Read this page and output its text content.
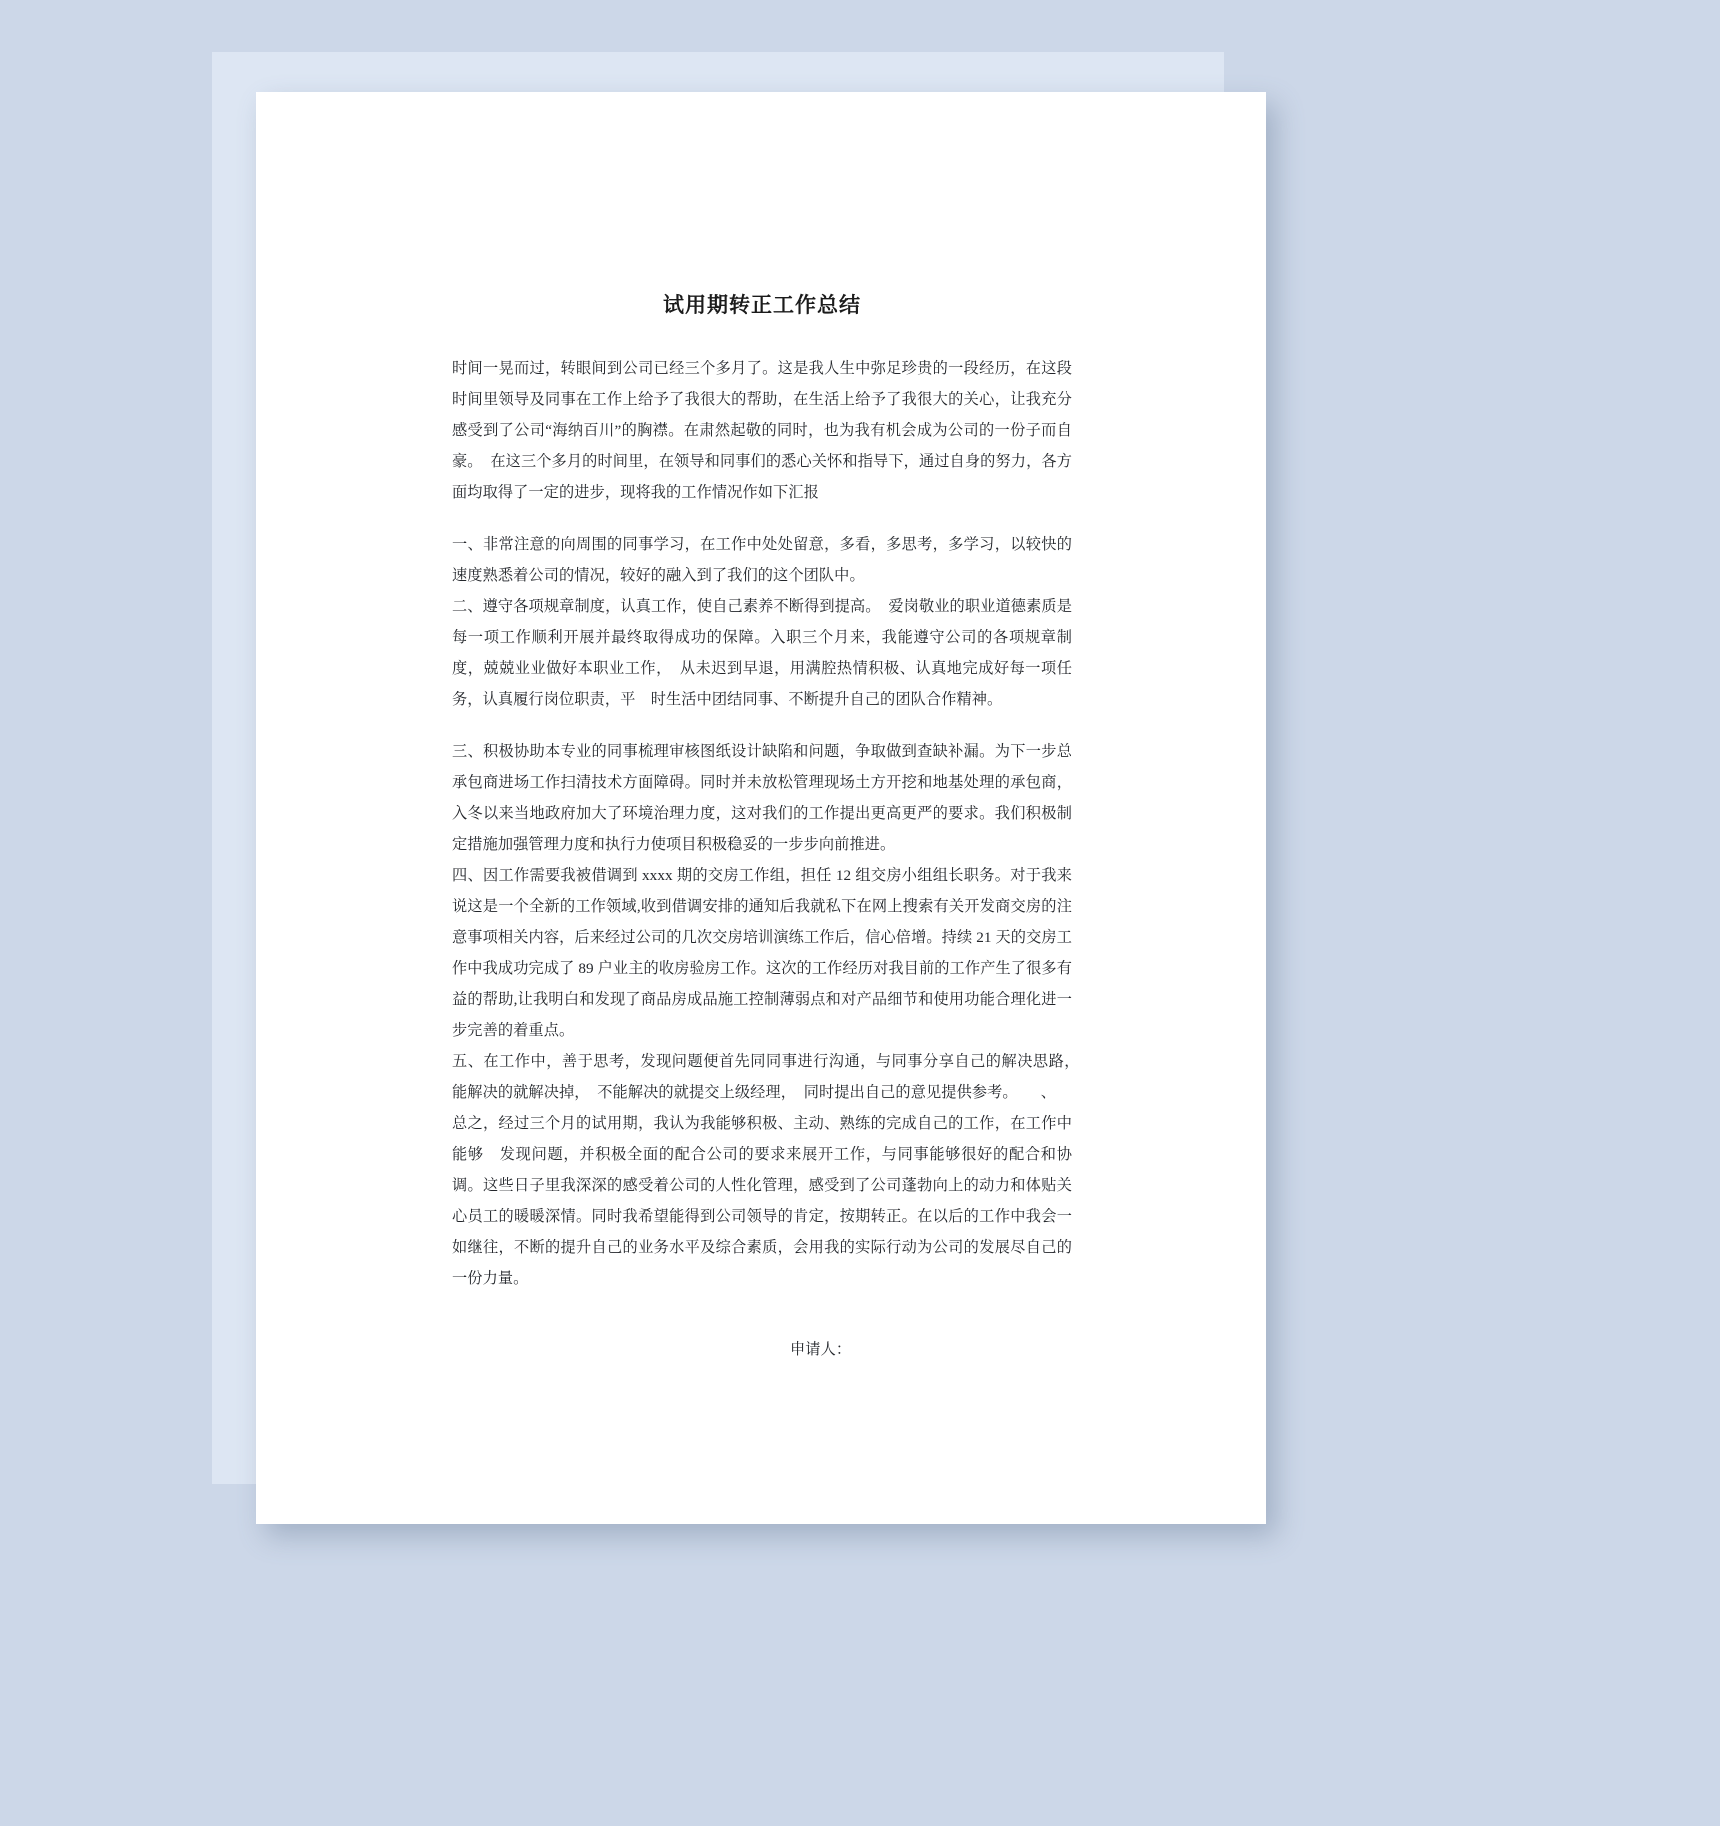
试用期转正工作总结

时间一晃而过，转眼间到公司已经三个多月了。这是我人生中弥足珍贵的一段经历，在这段时间里领导及同事在工作上给予了我很大的帮助，在生活上给予了我很大的关心，让我充分感受到了公司“海纳百川”的胸襟。在肃然起敬的同时，也为我有机会成为公司的一份子而自豪。　在这三个多月的时间里，在领导和同事们的悉心关怀和指导下，通过自身的努力，各方面均取得了一定的进步，现将我的工作情况作如下汇报

一、非常注意的向周围的同事学习，在工作中处处留意，多看，多思考，多学习，以较快的速度熟悉着公司的情况，较好的融入到了我们的这个团队中。

二、遵守各项规章制度，认真工作，使自己素养不断得到提高。　爱岗敬业的职业道德素质是每一项工作顺利开展并最终取得成功的保障。入职三个月来，我能遵守公司的各项规章制度，兢兢业业做好本职业工作，　从未迟到早退，用满腔热情积极、认真地完成好每一项任务，认真履行岗位职责，平　时生活中团结同事、不断提升自己的团队合作精神。

三、积极协助本专业的同事梳理审核图纸设计缺陷和问题，争取做到查缺补漏。为下一步总承包商进场工作扫清技术方面障碍。同时并未放松管理现场土方开挖和地基处理的承包商，入冬以来当地政府加大了环境治理力度，这对我们的工作提出更高更严的要求。我们积极制定措施加强管理力度和执行力使项目积极稳妥的一步步向前推进。

四、因工作需要我被借调到 xxxx 期的交房工作组，担任 12 组交房小组组长职务。对于我来说这是一个全新的工作领域,收到借调安排的通知后我就私下在网上搜索有关开发商交房的注意事项相关内容，后来经过公司的几次交房培训演练工作后，信心倍增。持续 21 天的交房工作中我成功完成了 89 户业主的收房验房工作。这次的工作经历对我目前的工作产生了很多有益的帮助,让我明白和发现了商品房成品施工控制薄弱点和对产品细节和使用功能合理化进一步完善的着重点。

五、在工作中，善于思考，发现问题便首先同同事进行沟通，与同事分享自己的解决思路，　能解决的就解决掉，　不能解决的就提交上级经理，　同时提出自己的意见提供参考。　　、

总之，经过三个月的试用期，我认为我能够积极、主动、熟练的完成自己的工作，在工作中能够　发现问题，并积极全面的配合公司的要求来展开工作，与同事能够很好的配合和协调。这些日子里我深深的感受着公司的人性化管理，感受到了公司蓬勃向上的动力和体贴关心员工的暖暖深情。同时我希望能得到公司领导的肯定，按期转正。在以后的工作中我会一如继往，不断的提升自己的业务水平及综合素质，会用我的实际行动为公司的发展尽自己的一份力量。

申请人：
